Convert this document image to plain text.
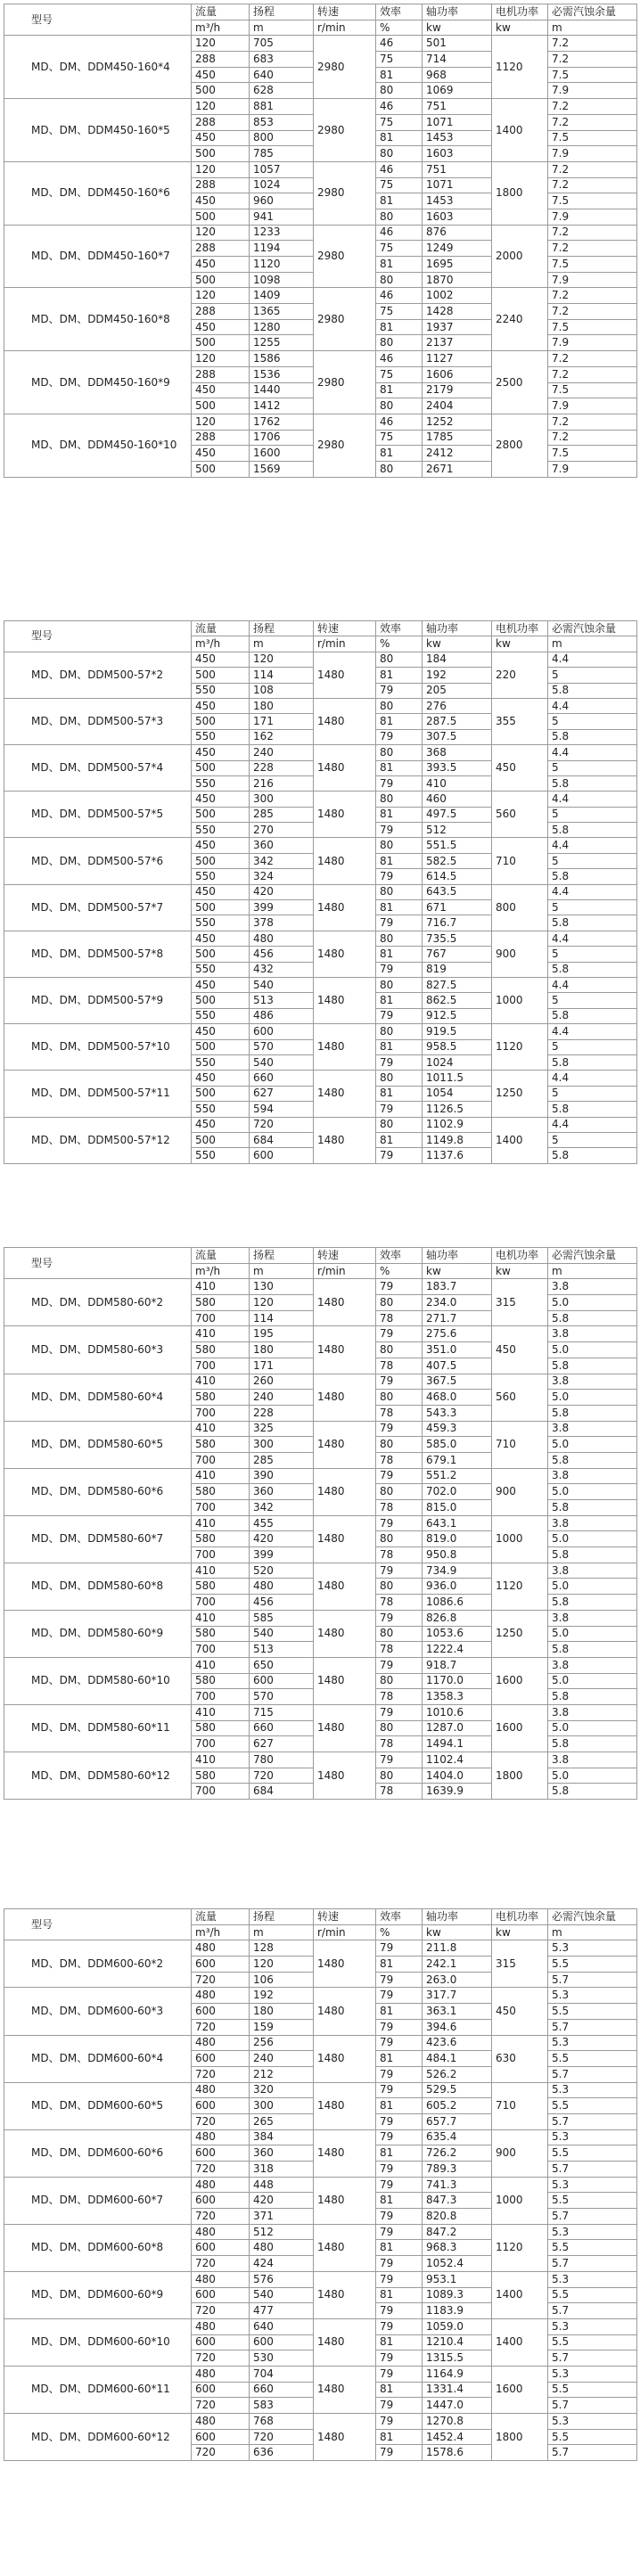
型号	流量	扬程	转速	效率	轴功率	电机功率	必需汽蚀余量
	m³/h	m	r/min	%	kw	kw	m
MD、DM、DDM450-160*4	120	705	2980	46	501	1120	7.2
	288	683		75	714		7.2
	450	640		81	968		7.5
	500	628		80	1069		7.9
MD、DM、DDM450-160*5	120	881	2980	46	751	1400	7.2
	288	853		75	1071		7.2
	450	800		81	1453		7.5
	500	785		80	1603		7.9
MD、DM、DDM450-160*6	120	1057	2980	46	751	1800	7.2
	288	1024		75	1071		7.2
	450	960		81	1453		7.5
	500	941		80	1603		7.9
MD、DM、DDM450-160*7	120	1233	2980	46	876	2000	7.2
	288	1194		75	1249		7.2
	450	1120		81	1695		7.5
	500	1098		80	1870		7.9
MD、DM、DDM450-160*8	120	1409	2980	46	1002	2240	7.2
	288	1365		75	1428		7.2
	450	1280		81	1937		7.5
	500	1255		80	2137		7.9
MD、DM、DDM450-160*9	120	1586	2980	46	1127	2500	7.2
	288	1536		75	1606		7.2
	450	1440		81	2179		7.5
	500	1412		80	2404		7.9
MD、DM、DDM450-160*10	120	1762	2980	46	1252	2800	7.2
	288	1706		75	1785		7.2
	450	1600		81	2412		7.5
	500	1569		80	2671		7.9
型号	流量	扬程	转速	效率	轴功率	电机功率	必需汽蚀余量
	m³/h	m	r/min	%	kw	kw	m
MD、DM、DDM500-57*2	450	120	1480	80	184	220	4.4
	500	114		81	192		5
	550	108		79	205		5.8
MD、DM、DDM500-57*3	450	180	1480	80	276	355	4.4
	500	171		81	287.5		5
	550	162		79	307.5		5.8
MD、DM、DDM500-57*4	450	240	1480	80	368	450	4.4
	500	228		81	393.5		5
	550	216		79	410		5.8
MD、DM、DDM500-57*5	450	300	1480	80	460	560	4.4
	500	285		81	497.5		5
	550	270		79	512		5.8
MD、DM、DDM500-57*6	450	360	1480	80	551.5	710	4.4
	500	342		81	582.5		5
	550	324		79	614.5		5.8
MD、DM、DDM500-57*7	450	420	1480	80	643.5	800	4.4
	500	399		81	671		5
	550	378		79	716.7		5.8
MD、DM、DDM500-57*8	450	480	1480	80	735.5	900	4.4
	500	456		81	767		5
	550	432		79	819		5.8
MD、DM、DDM500-57*9	450	540	1480	80	827.5	1000	4.4
	500	513		81	862.5		5
	550	486		79	912.5		5.8
MD、DM、DDM500-57*10	450	600	1480	80	919.5	1120	4.4
	500	570		81	958.5		5
	550	540		79	1024		5.8
MD、DM、DDM500-57*11	450	660	1480	80	1011.5	1250	4.4
	500	627		81	1054		5
	550	594		79	1126.5		5.8
MD、DM、DDM500-57*12	450	720	1480	80	1102.9	1400	4.4
	500	684		81	1149.8		5
	550	600		79	1137.6		5.8
型号	流量	扬程	转速	效率	轴功率	电机功率	必需汽蚀余量
	m³/h	m	r/min	%	kw	kw	m
MD、DM、DDM580-60*2	410	130	1480	79	183.7	315	3.8
	580	120		80	234.0		5.0
	700	114		78	271.7		5.8
MD、DM、DDM580-60*3	410	195	1480	79	275.6	450	3.8
	580	180		80	351.0		5.0
	700	171		78	407.5		5.8
MD、DM、DDM580-60*4	410	260	1480	79	367.5	560	3.8
	580	240		80	468.0		5.0
	700	228		78	543.3		5.8
MD、DM、DDM580-60*5	410	325	1480	79	459.3	710	3.8
	580	300		80	585.0		5.0
	700	285		78	679.1		5.8
MD、DM、DDM580-60*6	410	390	1480	79	551.2	900	3.8
	580	360		80	702.0		5.0
	700	342		78	815.0		5.8
MD、DM、DDM580-60*7	410	455	1480	79	643.1	1000	3.8
	580	420		80	819.0		5.0
	700	399		78	950.8		5.8
MD、DM、DDM580-60*8	410	520	1480	79	734.9	1120	3.8
	580	480		80	936.0		5.0
	700	456		78	1086.6		5.8
MD、DM、DDM580-60*9	410	585	1480	79	826.8	1250	3.8
	580	540		80	1053.6		5.0
	700	513		78	1222.4		5.8
MD、DM、DDM580-60*10	410	650	1480	79	918.7	1600	3.8
	580	600		80	1170.0		5.0
	700	570		78	1358.3		5.8
MD、DM、DDM580-60*11	410	715	1480	79	1010.6	1600	3.8
	580	660		80	1287.0		5.0
	700	627		78	1494.1		5.8
MD、DM、DDM580-60*12	410	780	1480	79	1102.4	1800	3.8
	580	720		80	1404.0		5.0
	700	684		78	1639.9		5.8
型号	流量	扬程	转速	效率	轴功率	电机功率	必需汽蚀余量
	m³/h	m	r/min	%	kw	kw	m
MD、DM、DDM600-60*2	480	128	1480	79	211.8	315	5.3
	600	120		81	242.1		5.5
	720	106		79	263.0		5.7
MD、DM、DDM600-60*3	480	192	1480	79	317.7	450	5.3
	600	180		81	363.1		5.5
	720	159		79	394.6		5.7
MD、DM、DDM600-60*4	480	256	1480	79	423.6	630	5.3
	600	240		81	484.1		5.5
	720	212		79	526.2		5.7
MD、DM、DDM600-60*5	480	320	1480	79	529.5	710	5.3
	600	300		81	605.2		5.5
	720	265		79	657.7		5.7
MD、DM、DDM600-60*6	480	384	1480	79	635.4	900	5.3
	600	360		81	726.2		5.5
	720	318		79	789.3		5.7
MD、DM、DDM600-60*7	480	448	1480	79	741.3	1000	5.3
	600	420		81	847.3		5.5
	720	371		79	820.8		5.7
MD、DM、DDM600-60*8	480	512	1480	79	847.2	1120	5.3
	600	480		81	968.3		5.5
	720	424		79	1052.4		5.7
MD、DM、DDM600-60*9	480	576	1480	79	953.1	1400	5.3
	600	540		81	1089.3		5.5
	720	477		79	1183.9		5.7
MD、DM、DDM600-60*10	480	640	1480	79	1059.0	1400	5.3
	600	600		81	1210.4		5.5
	720	530		79	1315.5		5.7
MD、DM、DDM600-60*11	480	704	1480	79	1164.9	1600	5.3
	600	660		81	1331.4		5.5
	720	583		79	1447.0		5.7
MD、DM、DDM600-60*12	480	768	1480	79	1270.8	1800	5.3
	600	720		81	1452.4		5.5
	720	636		79	1578.6		5.7
